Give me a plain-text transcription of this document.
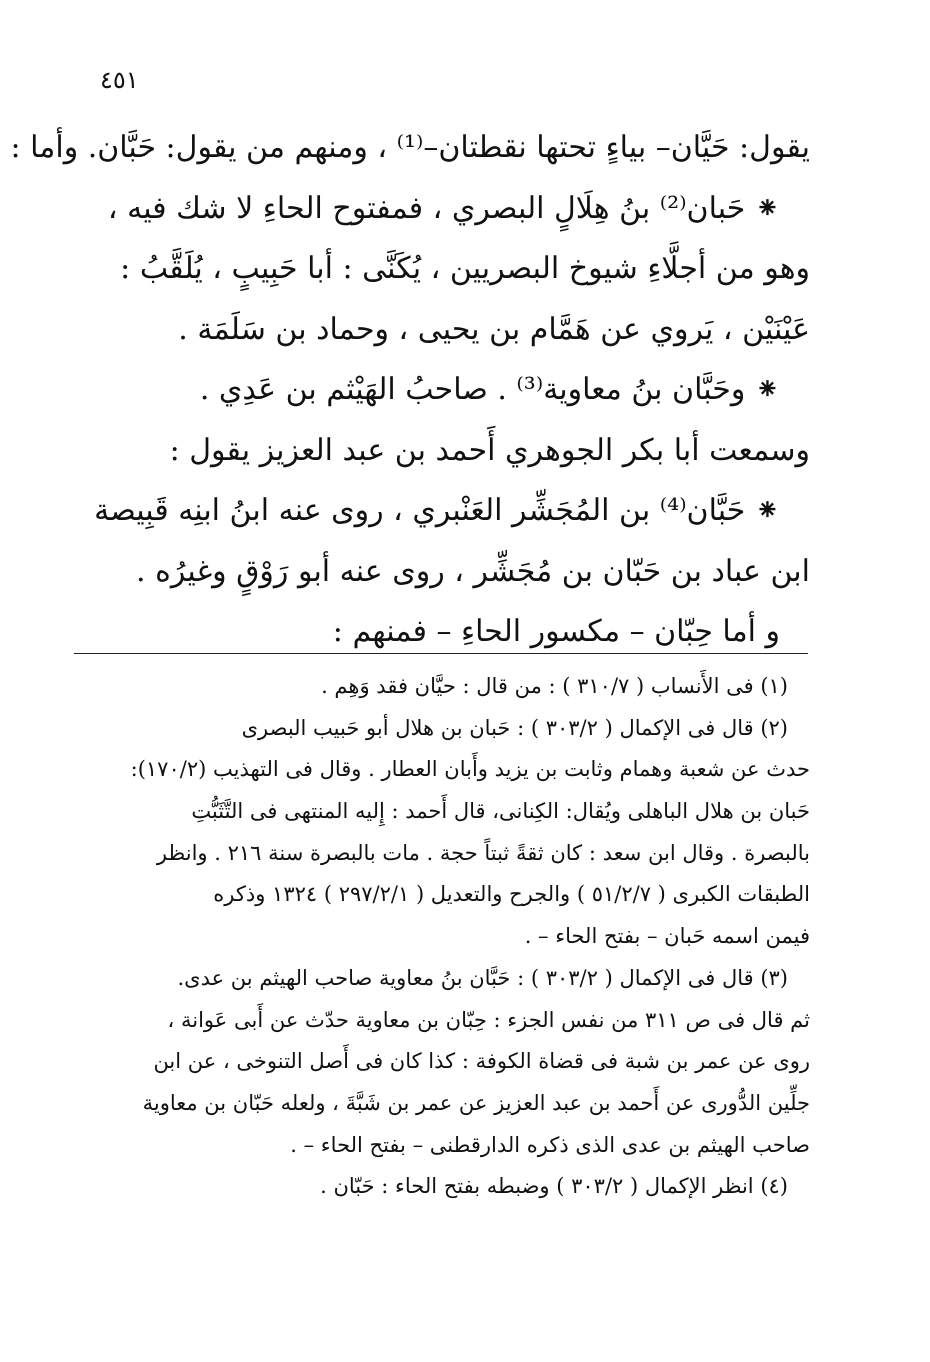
٤٥١
يقول: حَيَّان– بياءٍ تحتها نقطتان–⁽¹⁾ ، ومنهم من يقول: حَبَّان. وأما :
⁕ حَبان⁽²⁾ بنُ هِلَالٍ البصري ، فمفتوح الحاءِ لا شك فيه ،
وهو من أجلَّاءِ شيوخ البصريين ، يُكَنَّى : أبا حَبِيبٍ ، يُلَقَّبُ :
عَيْنَيْن ، يَروي عن هَمَّام بن يحيى ، وحماد بن سَلَمَة .
⁕ وحَبَّان بنُ معاوية⁽³⁾ . صاحبُ الهَيْثم بن عَدِي .
وسمعت أبا بكر الجوهري أَحمد بن عبد العزيز يقول :
⁕ حَبَّان⁽⁴⁾ بن المُجَشِّر العَنْبري ، روى عنه ابنُ ابنِه قَبِيصة
ابن عباد بن حَبّان بن مُجَشِّر ، روى عنه أبو رَوْقٍ وغيرُه .
و أما حِبّان – مكسور الحاءِ – فمنهم :
(١) فى الأَنساب ( ٣١٠/٧ ) : من قال : حيَّان فقد وَهِم .
(٢) قال فى الإكمال ( ٣٠٣/٢ ) : حَبان بن هلال أبو حَبيب البصرى
حدث عن شعبة وهمام وثابت بن يزيد وأَبان العطار . وقال فى التهذيب (١٧٠/٢):
حَبان بن هلال الباهلى ويُقال: الكِنانى، قال أَحمد : إِليه المنتهى فى التَّثَبُّتِ
بالبصرة . وقال ابن سعد : كان ثقةً ثبتاً حجة . مات بالبصرة سنة ٢١٦ . وانظر
الطبقات الكبرى ( ٥١/٢/٧ ) والجرح والتعديل ( ٢٩٧/٢/١ ) ١٣٢٤ وذكره
فيمن اسمه حَبان – بفتح الحاء – .
(٣) قال فى الإكمال ( ٣٠٣/٢ ) : حَبَّان بنُ معاوية صاحب الهيثم بن عدى.
ثم قال فى ص ٣١١ من نفس الجزء : حِبّان بن معاوية حدّث عن أَبى عَوانة ،
روى عن عمر بن شبة فى قضاة الكوفة : كذا كان فى أَصل التنوخى ، عن ابن
جلِّين الدُّورى عن أَحمد بن عبد العزيز عن عمر بن شَبَّةَ ، ولعله حَبّان بن معاوية
صاحب الهيثم بن عدى الذى ذكره الدارقطنى – بفتح الحاء – .
(٤) انظر الإكمال ( ٣٠٣/٢ ) وضبطه بفتح الحاء : حَبّان .
